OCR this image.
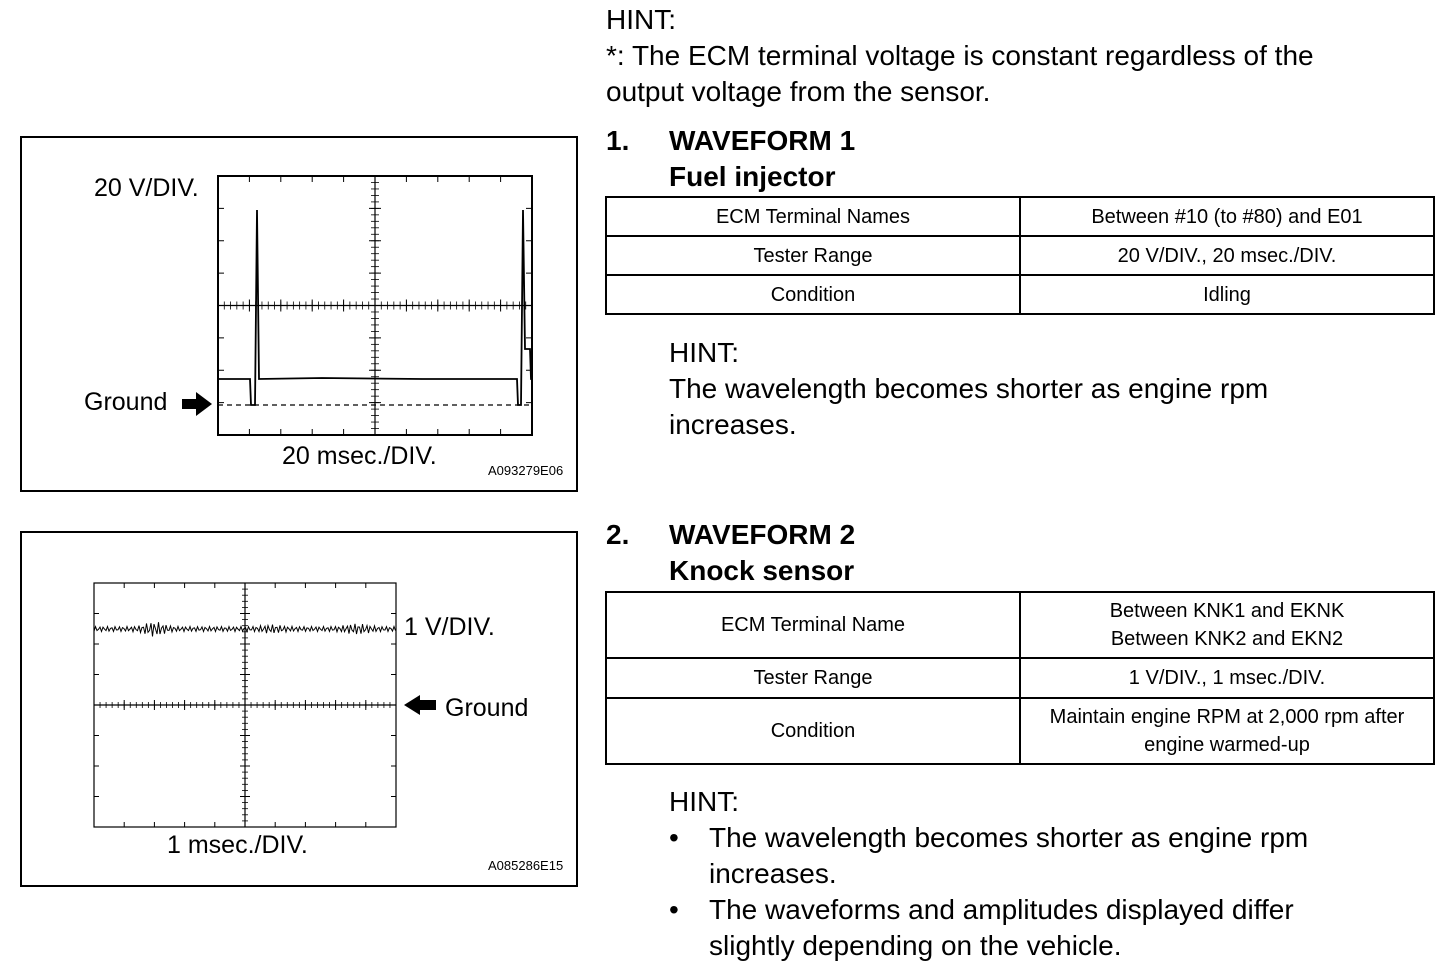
20 V/DIV.
Ground
20 msec./DIV.
A093279E06
1 V/DIV.
Ground
1 msec./DIV.
A085286E15
HINT:
*: The ECM terminal voltage is constant regardless of the
output voltage from the sensor.
1. WAVEFORM 1
Fuel injector
ECM Terminal Names	Between #10 (to #80) and E01
Tester Range	20 V/DIV., 20 msec./DIV.
Condition	Idling
HINT:
The wavelength becomes shorter as engine rpm
increases.
2. WAVEFORM 2
Knock sensor
ECM Terminal Name	Between KNK1 and EKNK
Between KNK2 and EKN2

Tester Range	1 V/DIV., 1 msec./DIV.
Condition	Maintain engine RPM at 2,000 rpm after
engine warmed-up
HINT:
• The wavelength becomes shorter as engine rpm
increases.
• The waveforms and amplitudes displayed differ
slightly depending on the vehicle.
